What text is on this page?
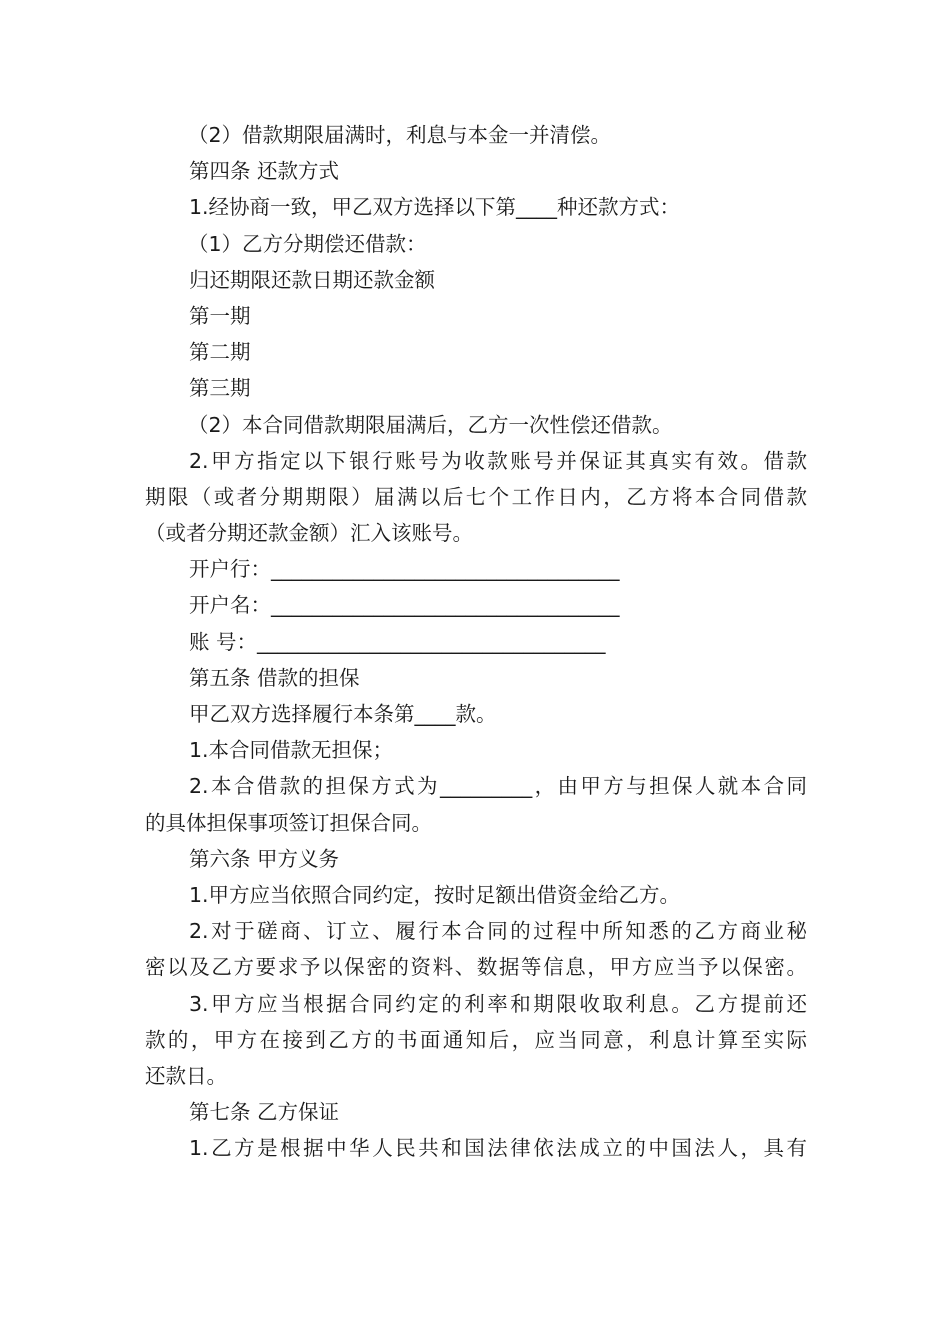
（2）借款期限届满时，利息与本金一并清偿。
第四条 还款方式
1.经协商一致，甲乙双方选择以下第____种还款方式：
（1）乙方分期偿还借款：
归还期限还款日期还款金额
第一期
第二期
第三期
（2）本合同借款期限届满后，乙方一次性偿还借款。
2.甲方指定以下银行账号为收款账号并保证其真实有效。借款
期限（或者分期期限）届满以后七个工作日内，乙方将本合同借款
（或者分期还款金额）汇入该账号。
开户行：__________________________________
开户名：__________________________________
账 号：__________________________________
第五条 借款的担保
甲乙双方选择履行本条第____款。
1.本合同借款无担保；
2.本合借款的担保方式为_________，由甲方与担保人就本合同
的具体担保事项签订担保合同。
第六条 甲方义务
1.甲方应当依照合同约定，按时足额出借资金给乙方。
2.对于磋商、订立、履行本合同的过程中所知悉的乙方商业秘
密以及乙方要求予以保密的资料、数据等信息，甲方应当予以保密。
3.甲方应当根据合同约定的利率和期限收取利息。乙方提前还
款的，甲方在接到乙方的书面通知后，应当同意，利息计算至实际
还款日。
第七条 乙方保证
1.乙方是根据中华人民共和国法律依法成立的中国法人，具有
